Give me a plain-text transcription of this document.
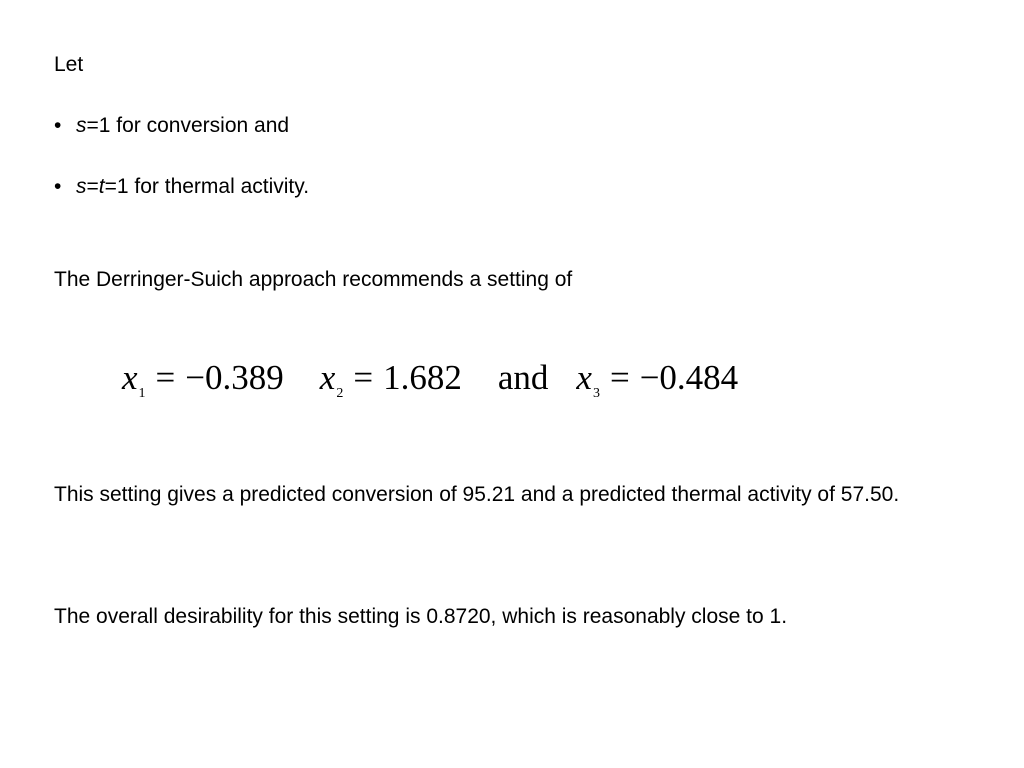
Let
• s=1 for conversion and
• s=t=1 for thermal activity.
The Derringer-Suich approach recommends a setting of
$x_1 = -0.389$ $x_2 = 1.682$ and $x_3 = -0.484$
This setting gives a predicted conversion of 95.21 and a predicted thermal activity of 57.50.
The overall desirability for this setting is 0.8720, which is reasonably close to 1.
